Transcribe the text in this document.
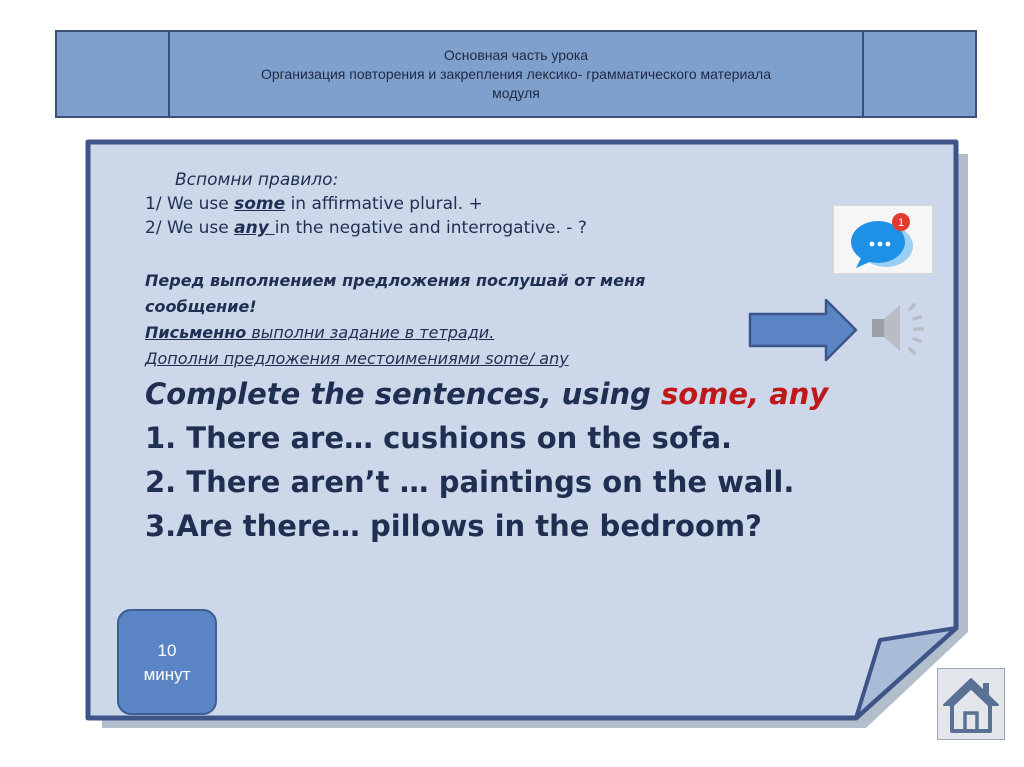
Основная часть урока
Организация повторения и закрепления лексико- грамматического материала
модуля
Вспомни правило:
1/ We use some in affirmative plural. +
2/ We use any in the negative and interrogative. - ?
Перед выполнением предложения послушай от меня
сообщение!
Письменно выполни задание в тетради.
Дополни предложения местоимениями some/ any
Complete the sentences, using some, any
1. There are… cushions on the sofa.
2. There aren’t … paintings on the wall.
3.Are there… pillows in the bedroom?
1
10
минут
